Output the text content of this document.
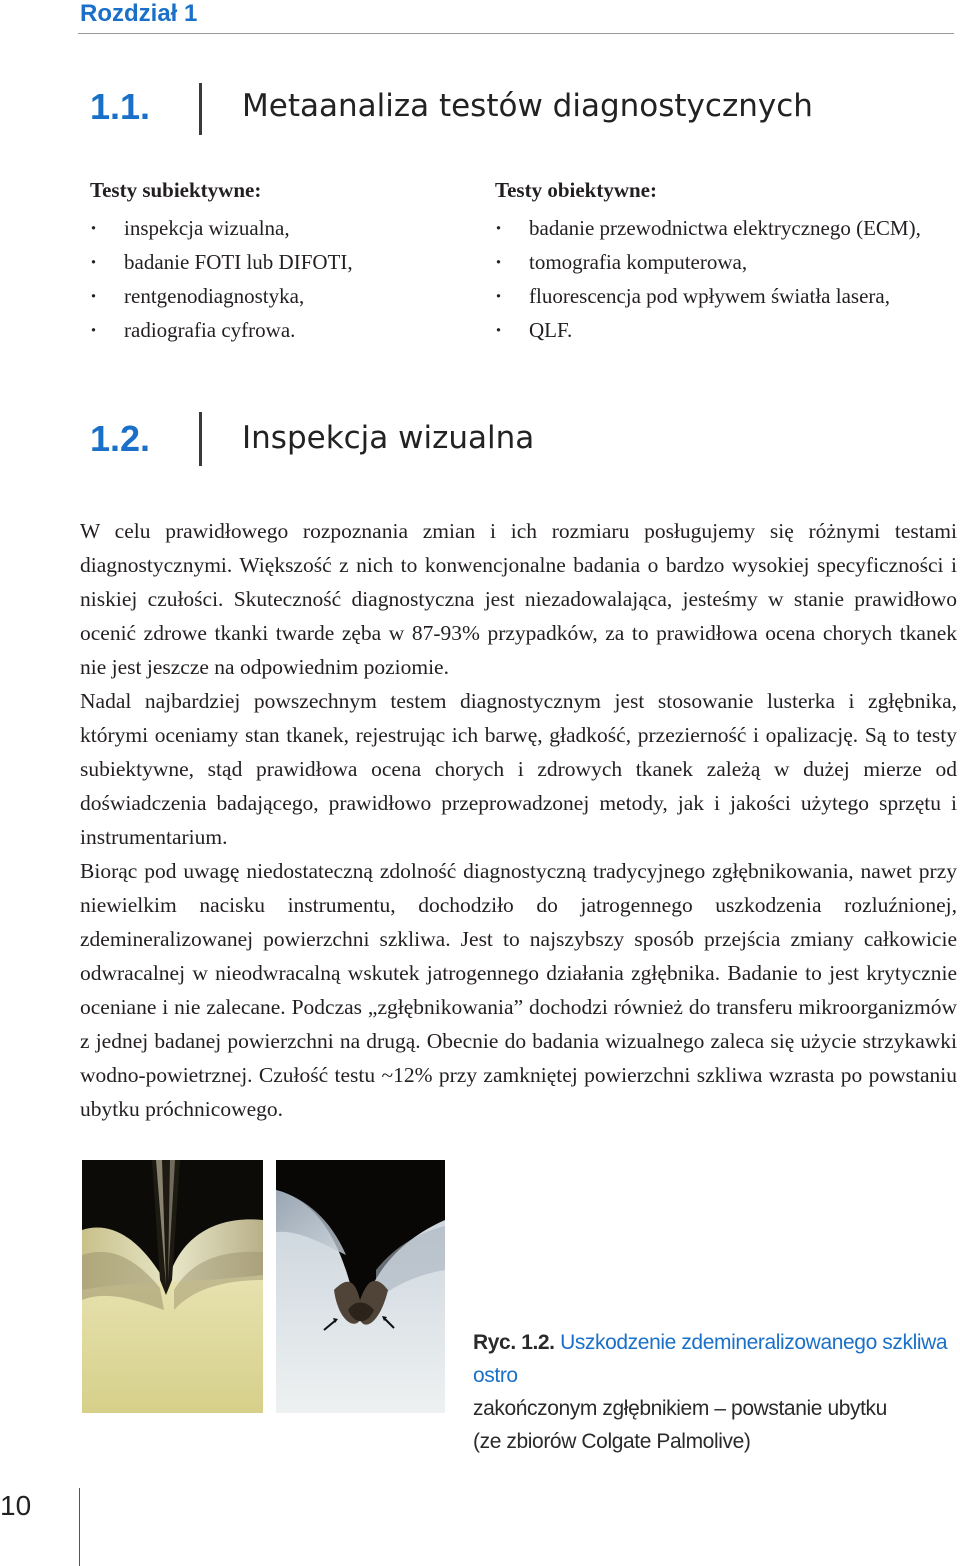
Rozdział 1
1.1.	Metaanaliza testów diagnostycznych
Testy subiektywne:
· inspekcja wizualna,
· badanie FOTI lub DIFOTI,
· rentgenodiagnostyka,
· radiografia cyfrowa.
Testy obiektywne:
· badanie przewodnictwa elektrycznego (ECM),
· tomografia komputerowa,
· fluorescencja pod wpływem światła lasera,
· QLF.
1.2.	Inspekcja wizualna

W celu prawidłowego rozpoznania zmian i ich rozmiaru posługujemy się różnymi testami diagnostycznymi. Większość z nich to konwencjonalne badania o bardzo wysokiej specyficzności i niskiej czułości. Skuteczność diagnostyczna jest niezadowalająca, jesteśmy w stanie prawidłowo ocenić zdrowe tkanki twarde zęba w 87-93% przypadków, za to prawidłowa ocena chorych tkanek nie jest jeszcze na odpowiednim poziomie.

Nadal najbardziej powszechnym testem diagnostycznym jest stosowanie lusterka i zgłębnika, którymi oceniamy stan tkanek, rejestrując ich barwę, gładkość, przezierność i opalizację. Są to testy subiektywne, stąd prawidłowa ocena chorych i zdrowych tkanek zależą w dużej mierze od doświadczenia badającego, prawidłowo przeprowadzonej metody, jak i jakości użytego sprzętu i instrumentarium.

Biorąc pod uwagę niedostateczną zdolność diagnostyczną tradycyjnego zgłębnikowania, nawet przy niewielkim nacisku instrumentu, dochodziło do jatrogennego uszkodzenia rozluźnionej, zdemineralizowanej powierzchni szkliwa. Jest to najszybszy sposób przejścia zmiany całkowicie odwracalnej w nieodwracalną wskutek jatrogennego działania zgłębnika. Badanie to jest krytycznie oceniane i nie zalecane. Podczas „zgłębnikowania” dochodzi również do transferu mikroorganizmów z jednej badanej powierzchni na drugą. Obecnie do badania wizualnego zaleca się użycie strzykawki wodno-powietrznej. Czułość testu ~12% przy zamkniętej powierzchni szkliwa wzrasta po powstaniu ubytku próchnicowego.

Ryc. 1.2. Uszkodzenie zdemineralizowanego szkliwa ostro
zakończonym zgłębnikiem – powstanie ubytku
(ze zbiorów Colgate Palmolive)
10
